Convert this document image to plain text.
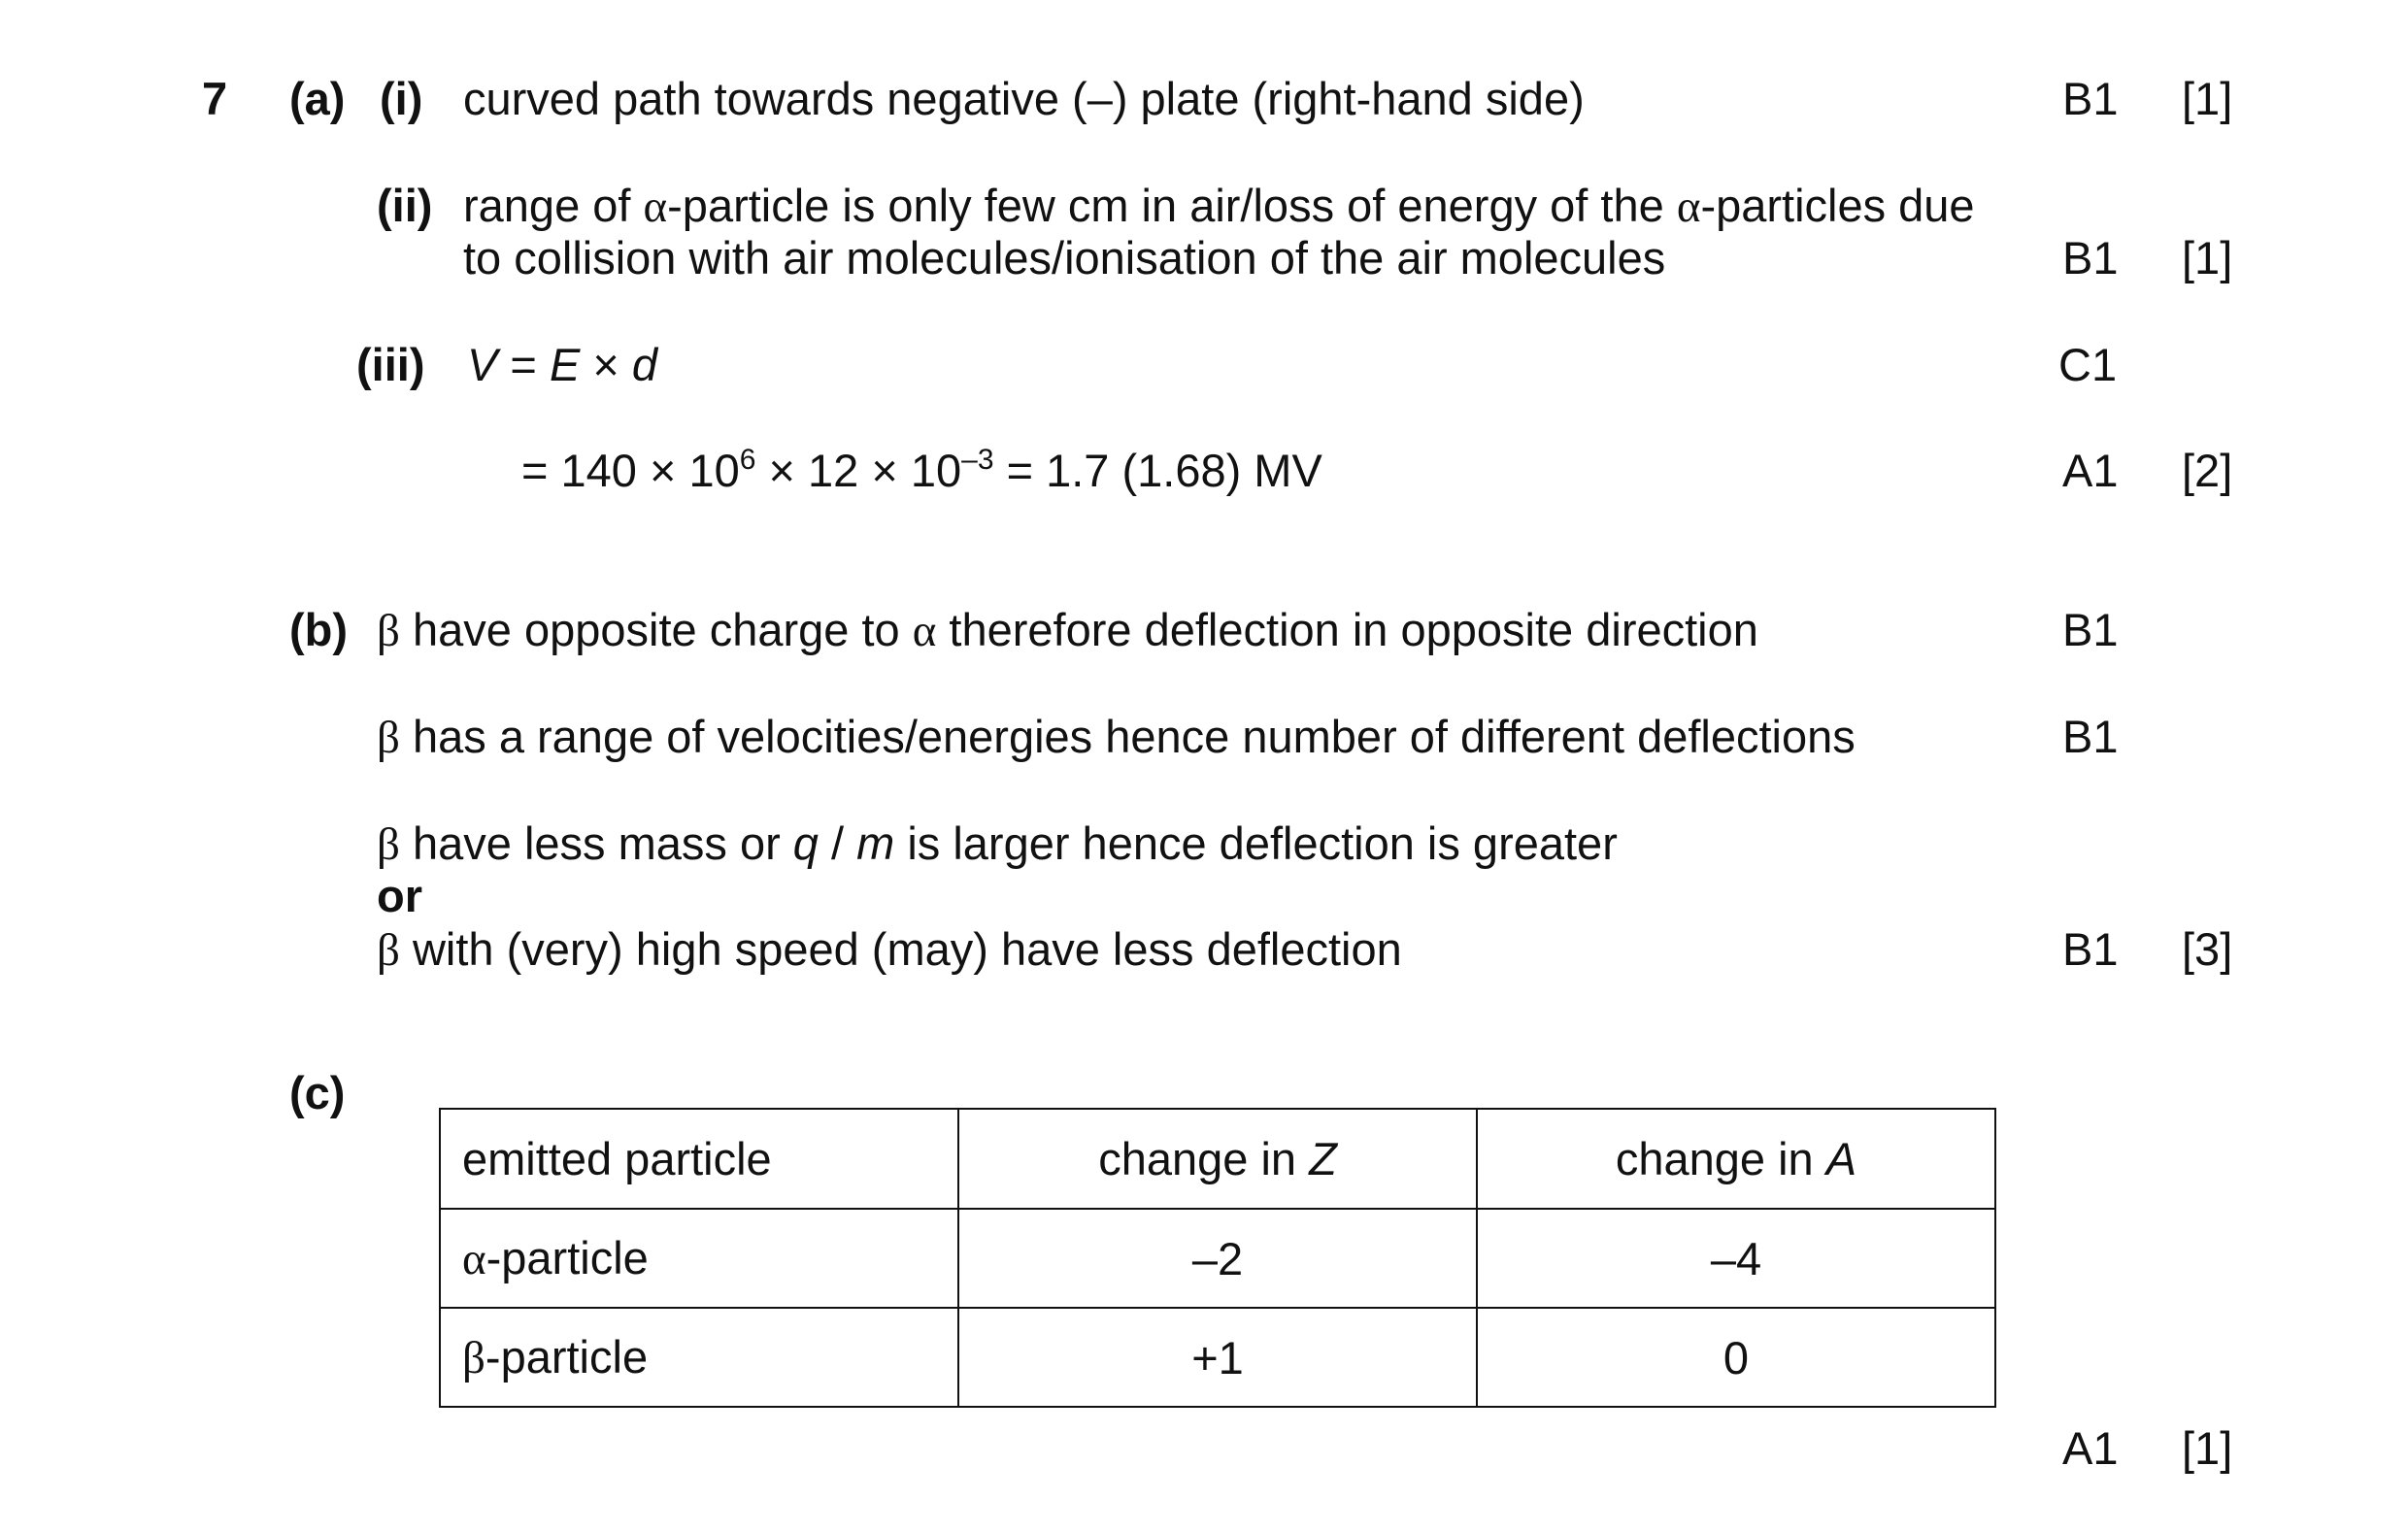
7 (a) (i) curved path towards negative (–) plate (right-hand side)	B1 [1]
(ii) range of α-particle is only few cm in air/loss of energy of the α-particles due
to collision with air molecules/ionisation of the air molecules	B1 [1]
(iii) V = E × d	C1
= $140 \times 10^6 \times 12 \times 10^{-3} = 1.7$ (1.68) MV	A1 [2]
(b) β have opposite charge to α therefore deflection in opposite direction	B1
β has a range of velocities/energies hence number of different deflections	B1
β have less mass or q / m is larger hence deflection is greater
or
β with (very) high speed (may) have less deflection	B1 [3]
(c)
emitted particle	change in Z	change in A
α-particle	–2	–4
β-particle	+1	0
A1 [1]
